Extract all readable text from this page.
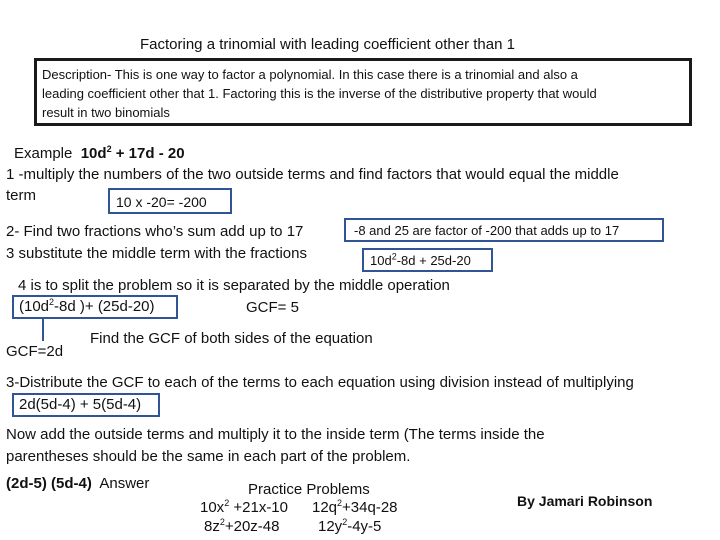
Factoring a trinomial with leading coefficient other than 1
Description- This is one way to factor a polynomial. In this case there is a trinomial and also a
leading coefficient other that 1. Factoring this is the inverse of the distributive property that would
result in two binomials
Example $10d^2 + 17d - 20$
1 -multiply the numbers of the two outside terms and find factors that would equal the middle
term	10 x -20= -200
2- Find two fractions who’s sum add up to 17	-8 and 25 are factor of -200 that adds up to 17
3 substitute the middle term with the fractions	$10d^2-8d + 25d-20$
4 is to split the problem so it is separated by the middle operation
($10d^2-8d$ )+ (25d-20)	GCF= 5
GCF=2d
Find the GCF of both sides of the equation
3-Distribute the GCF to each of the terms to each equation using division instead of multiplying
2d(5d-4) + 5(5d-4)
Now add the outside terms and multiply it to the inside term (The terms inside the
parentheses should be the same in each part of the problem.
(2d-5) (5d-4) Answer	Practice Problems
$10x^2 +21x-10$ $12q^2+34q-28$
$8z^2+20z-48$	$12y^2-4y-5$
By Jamari Robinson
